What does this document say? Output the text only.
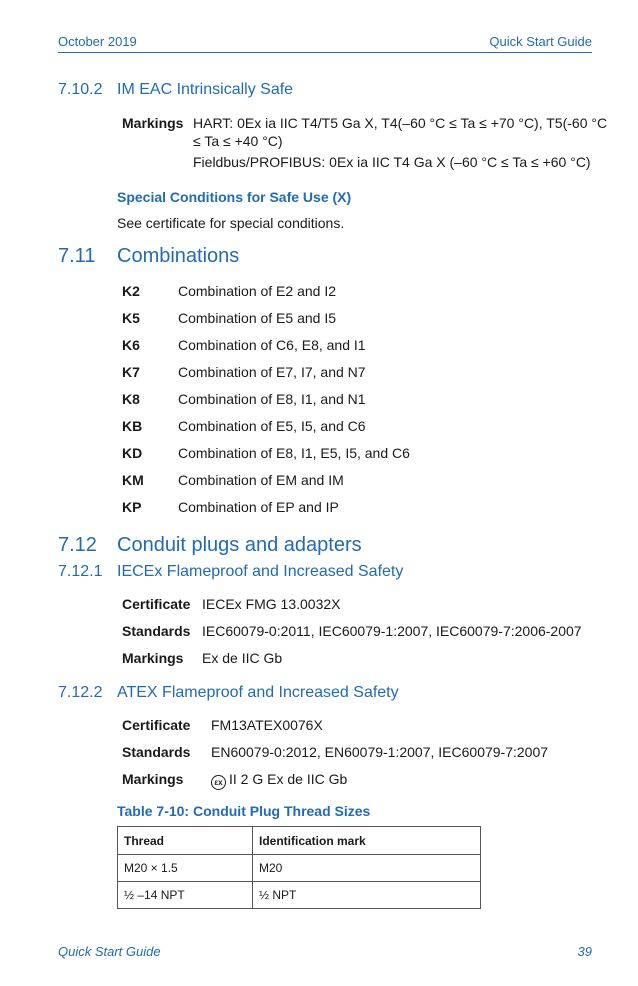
October 2019	Quick Start Guide
7.10.2 IM EAC Intrinsically Safe
Markings HART: 0Ex ia IIC T4/T5 Ga X, T4(–60 °C ≤ Ta ≤ +70 °C), T5(-60 °C
≤ Ta ≤ +40 °C)
Fieldbus/PROFIBUS: 0Ex ia IIC T4 Ga X (–60 °C ≤ Ta ≤ +60 °C)
Special Conditions for Safe Use (X)
See certificate for special conditions.
7.11 Combinations
K2	Combination of E2 and I2
K5	Combination of E5 and I5
K6	Combination of C6, E8, and I1
K7	Combination of E7, I7, and N7
K8	Combination of E8, I1, and N1
KB	Combination of E5, I5, and C6
KD	Combination of E8, I1, E5, I5, and C6
KM	Combination of EM and IM
KP	Combination of EP and IP
7.12 Conduit plugs and adapters
7.12.1 IECEx Flameproof and Increased Safety
Certificate IECEx FMG 13.0032X
Standards IEC60079-0:2011, IEC60079-1:2007, IEC60079-7:2006-2007
Markings Ex de IIC Gb
7.12.2 ATEX Flameproof and Increased Safety
Certificate FM13ATEX0076X
Standards EN60079-0:2012, EN60079-1:2007, IEC60079-7:2007
Markings	εx II 2 G Ex de IIC Gb
Table 7-10: Conduit Plug Thread Sizes
Thread	Identification mark
M20 × 1.5	M20
½ –14 NPT	½ NPT
Quick Start Guide	39
